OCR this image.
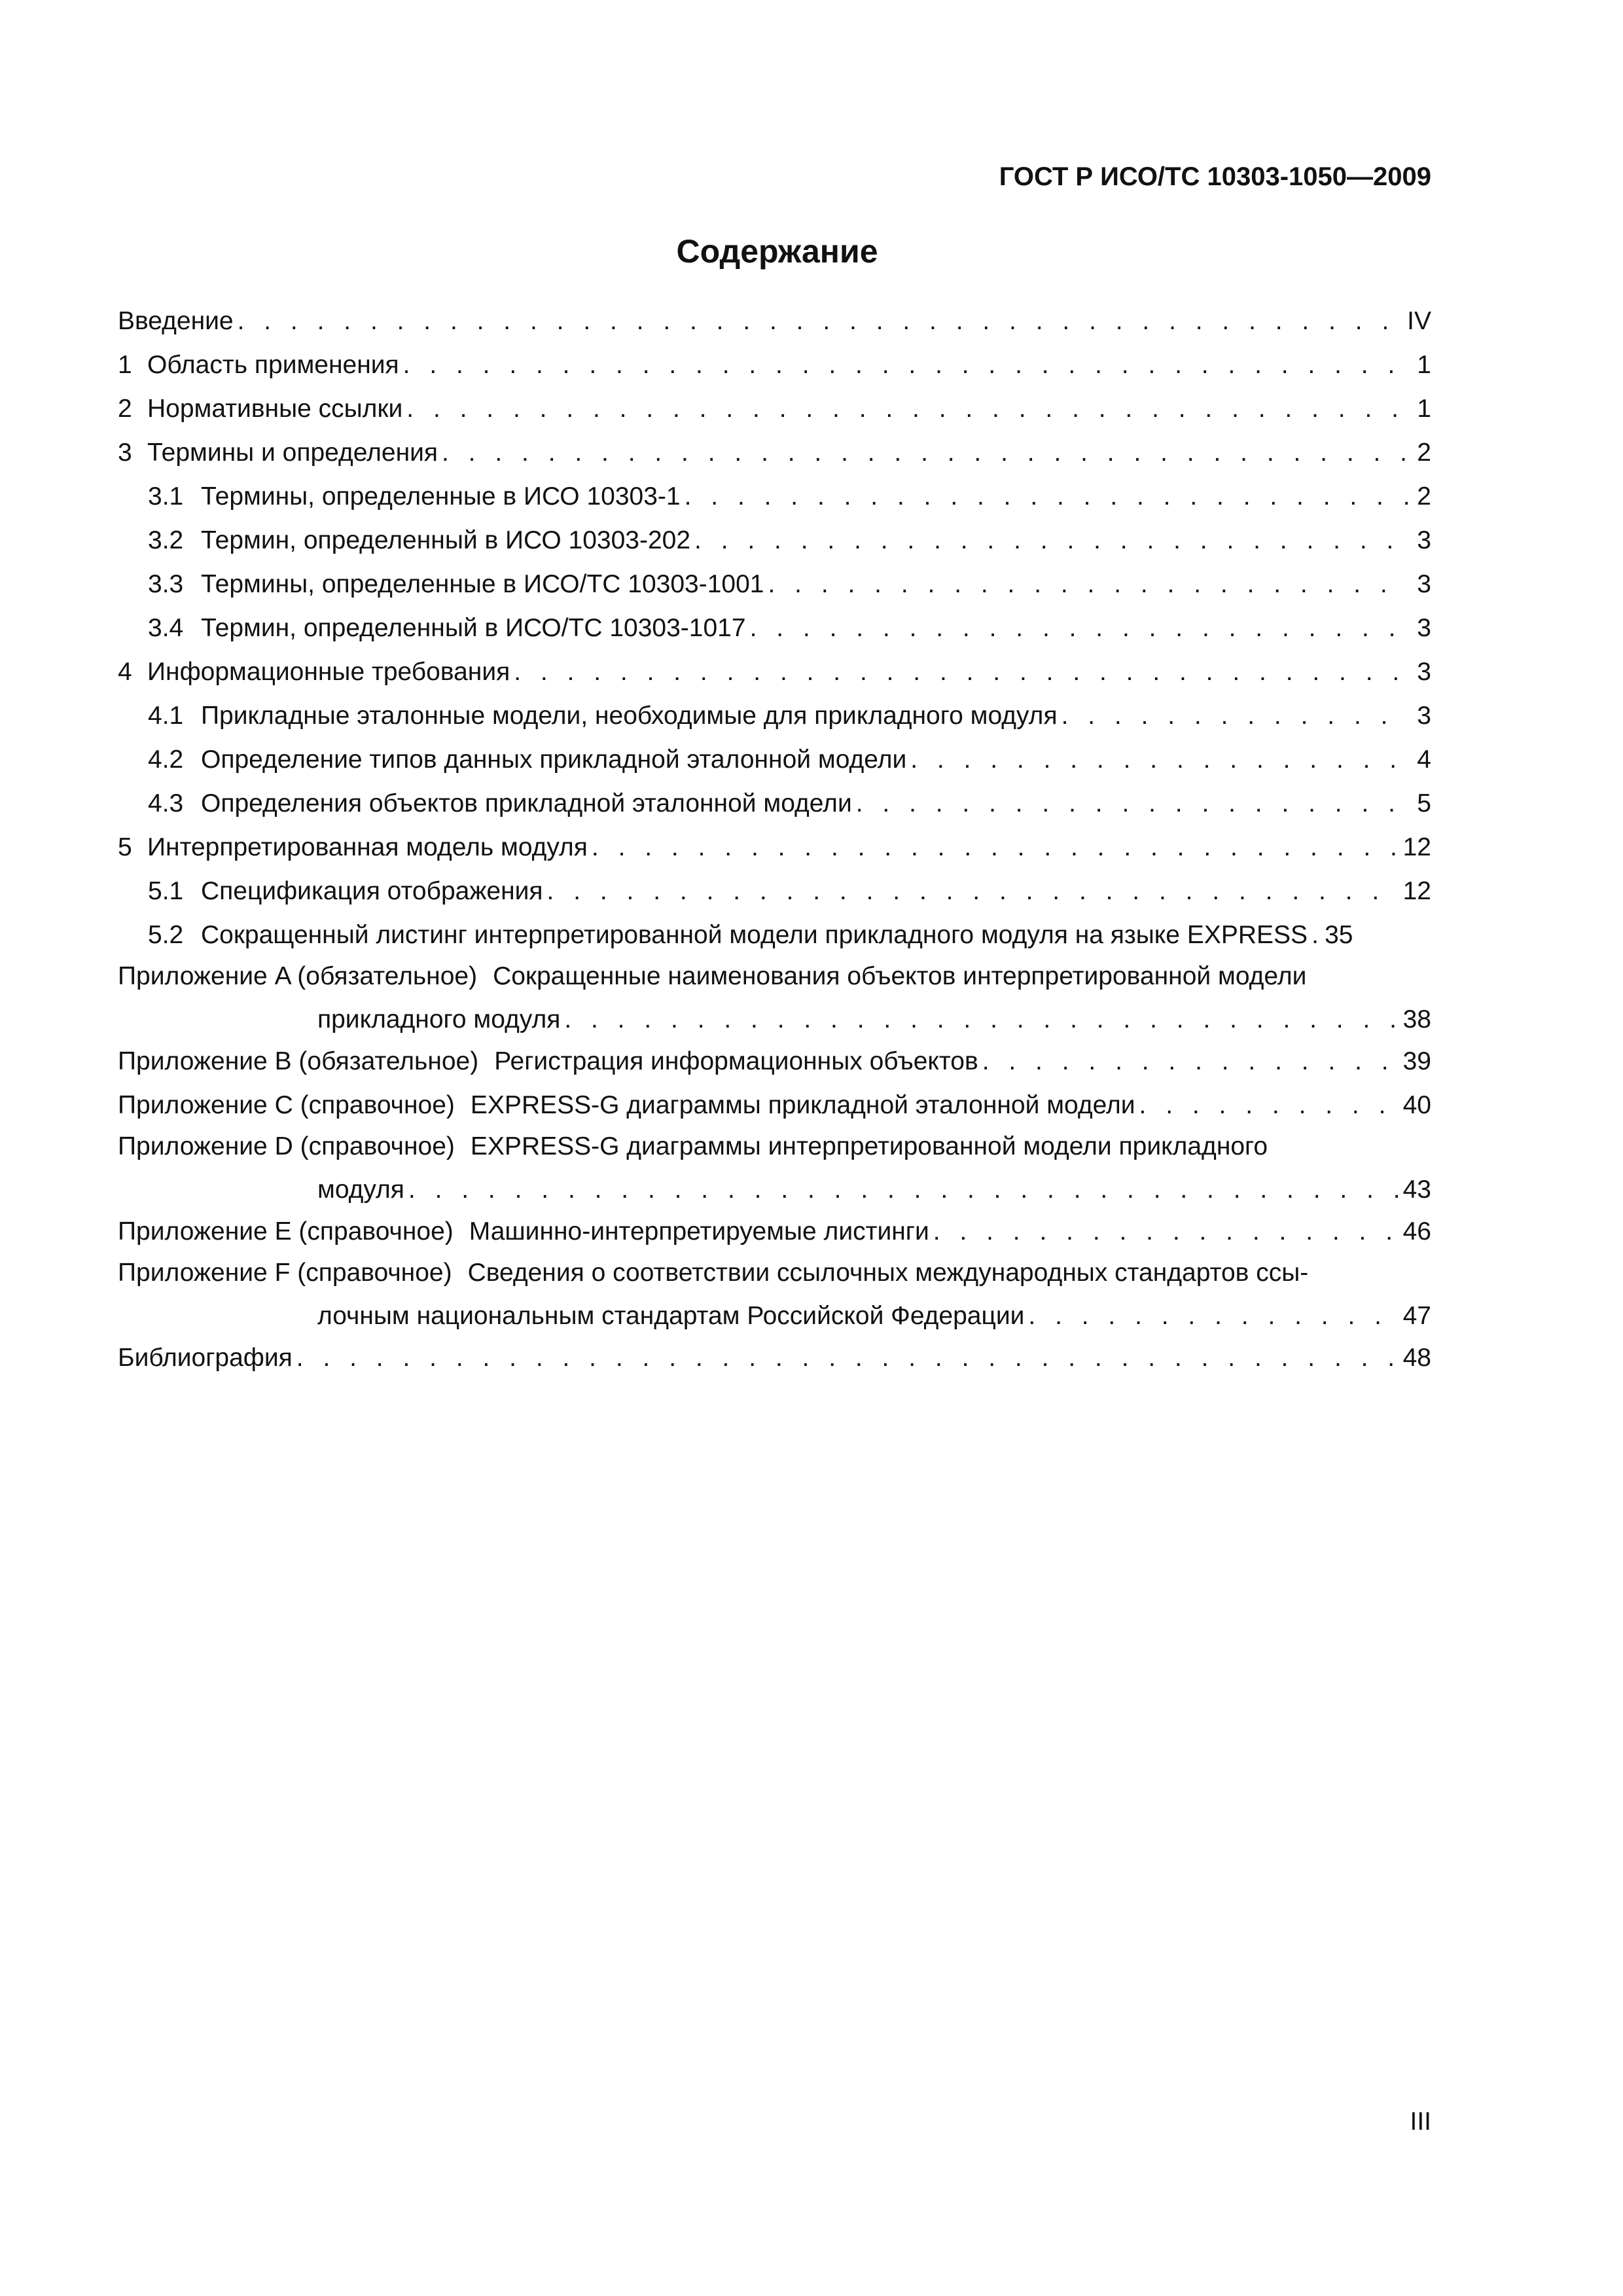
ГОСТ Р ИСО/ТС 10303-1050—2009
Содержание
Введение . . .	IV
1 Область применения . . .	1
2 Нормативные ссылки . . .	1
3 Термины и определения . . .	2
3.1 Термины, определенные в ИСО 10303-1 . . .	2
3.2 Термин, определенный в ИСО 10303-202 . . .	3
3.3 Термины, определенные в ИСО/ТС 10303-1001 . . .	3
3.4 Термин, определенный в ИСО/ТС 10303-1017 . . .	3
4 Информационные требования . . .	3
4.1 Прикладные эталонные модели, необходимые для прикладного модуля . . .	3
4.2 Определение типов данных прикладной эталонной модели . . .	4
4.3 Определения объектов прикладной эталонной модели . . .	5
5 Интерпретированная модель модуля . . .	12
5.1 Спецификация отображения . . .	12
5.2 Сокращенный листинг интерпретированной модели прикладного модуля на языке EXPRESS . . . 35
Приложение A (обязательное) Сокращенные наименования объектов интерпретированной модели
прикладного модуля . . .	38
Приложение B (обязательное) Регистрация информационных объектов . . .	39
Приложение C (справочное) EXPRESS-G диаграммы прикладной эталонной модели . . .	40
Приложение D (справочное) EXPRESS-G диаграммы интерпретированной модели прикладного
модуля . . .	43
Приложение E (справочное) Машинно-интерпретируемые листинги . . .	46
Приложение F (справочное) Сведения о соответствии ссылочных международных стандартов ссы-
лочным национальным стандартам Российской Федерации . . .	47
Библиография . . .	48
III
